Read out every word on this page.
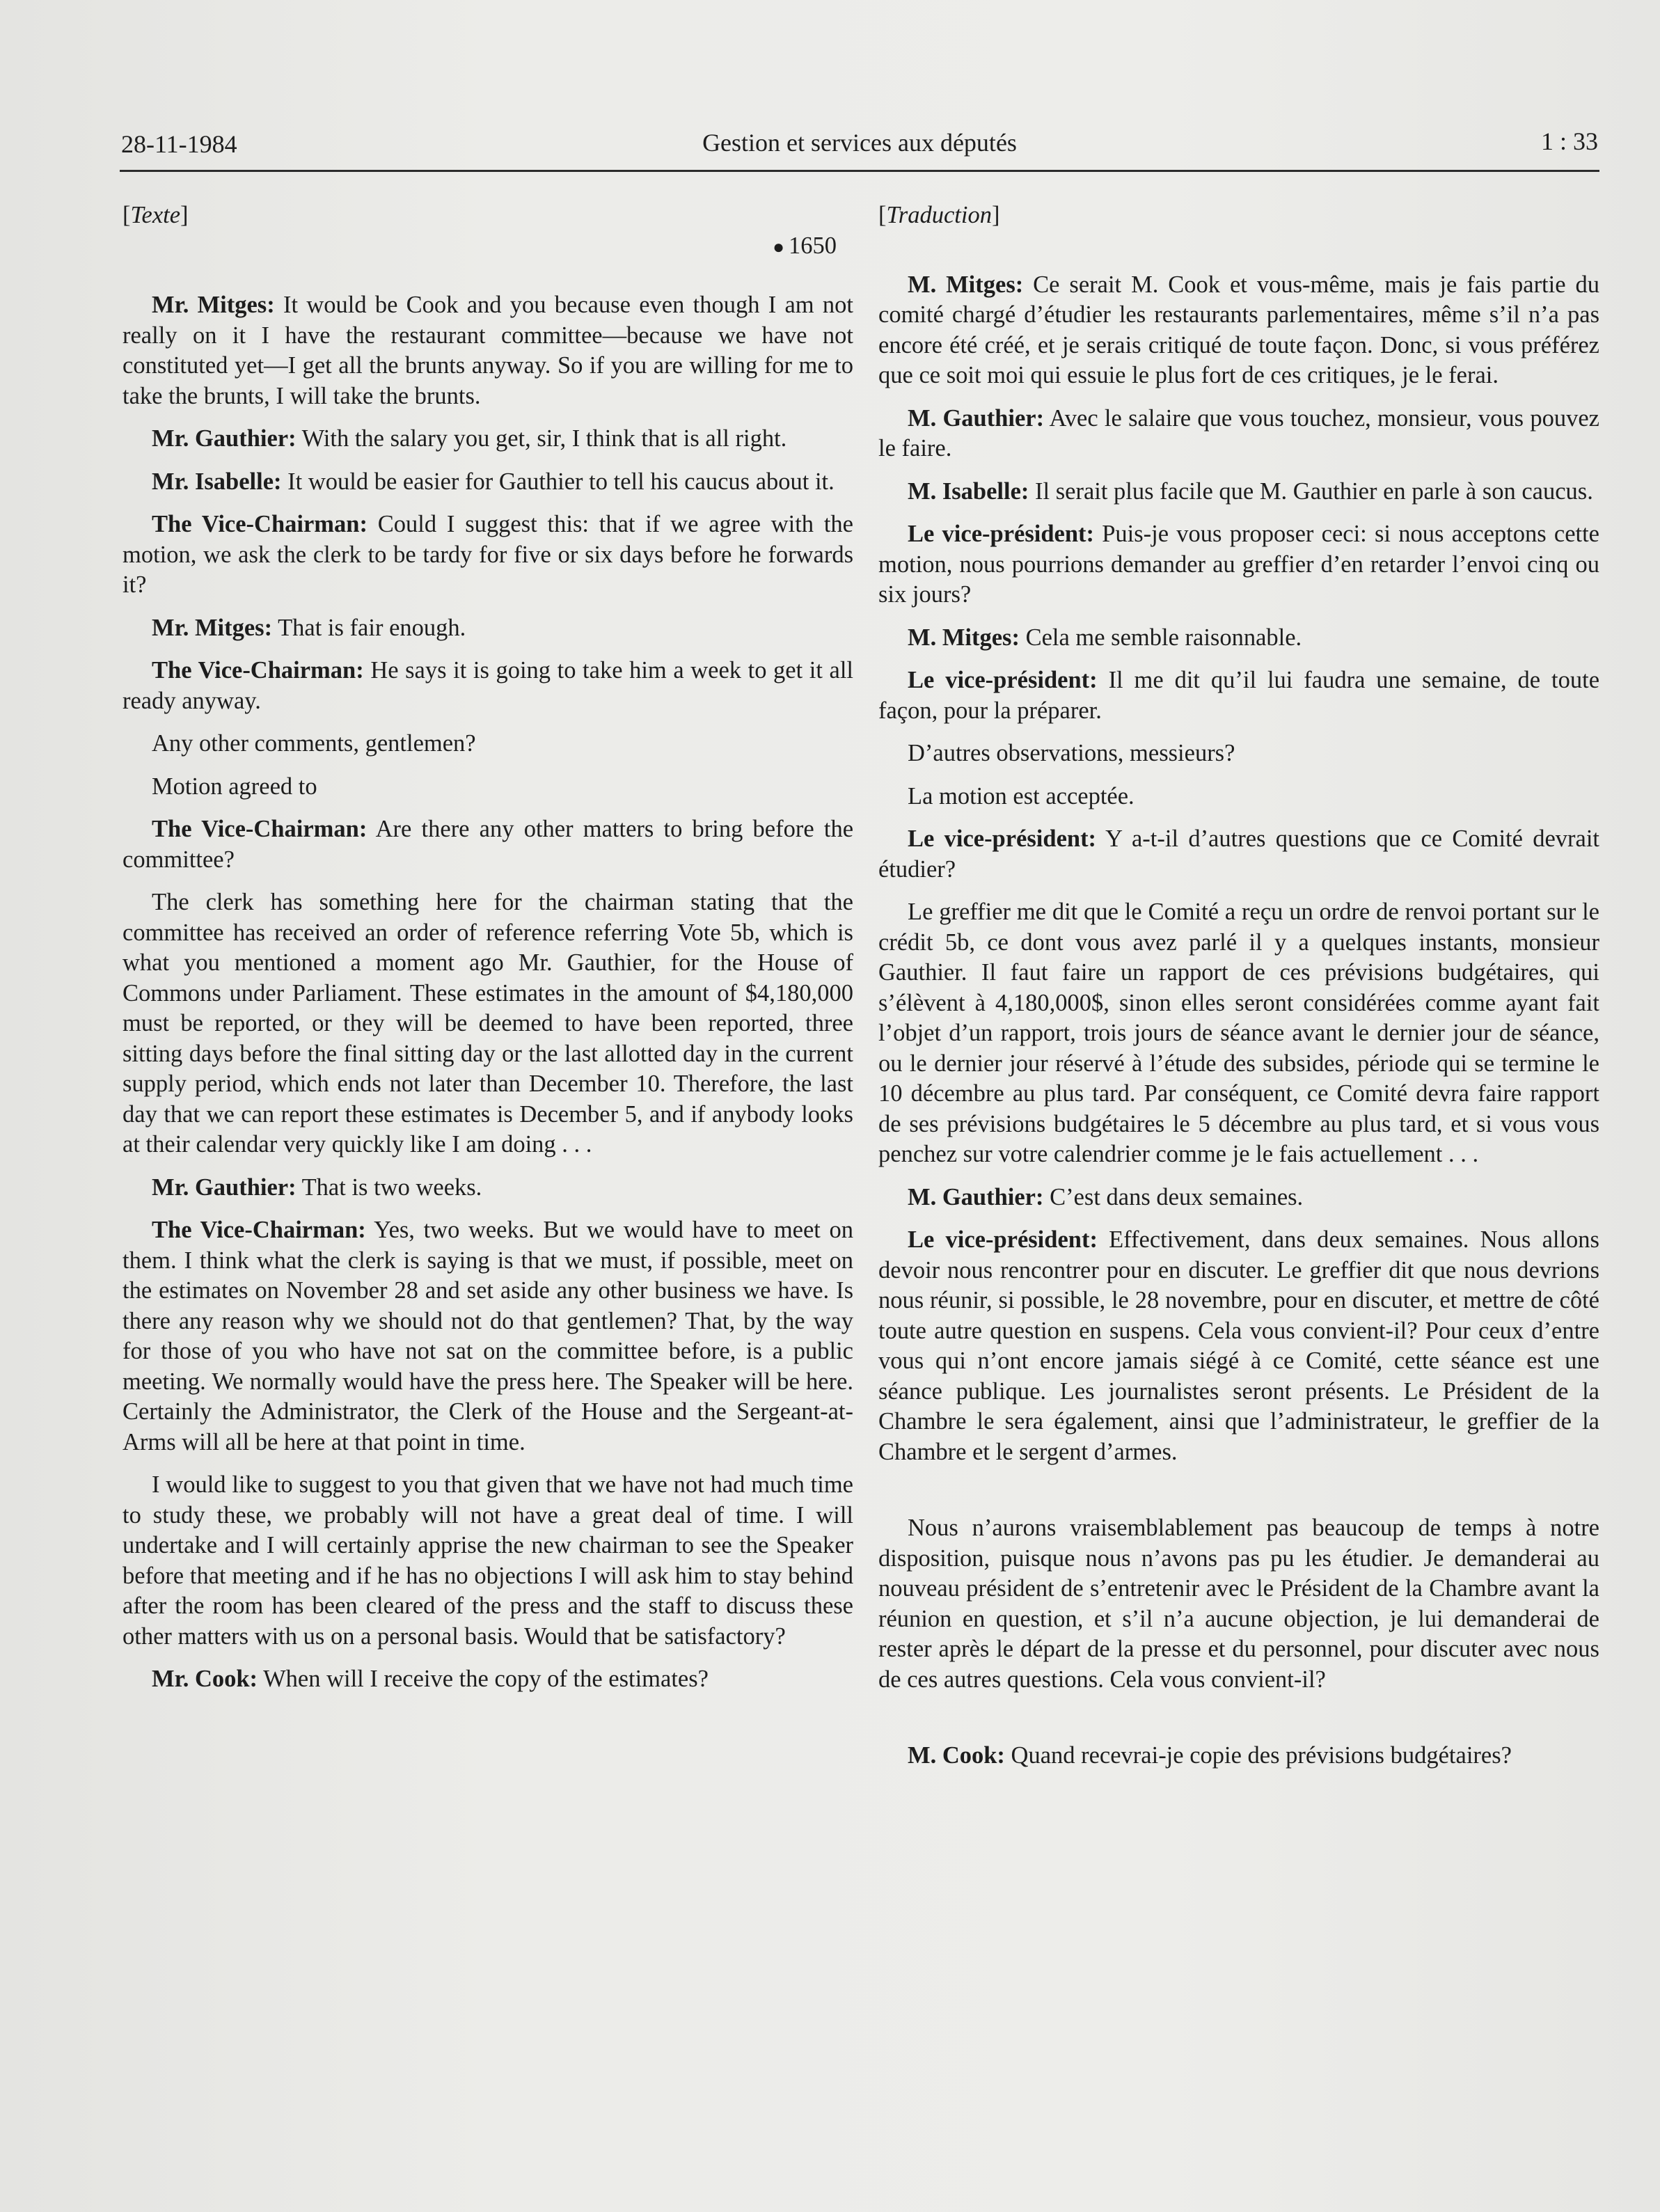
28-11-1984	Gestion et services aux députés	1 : 33

[Texte]

● 1650

Mr. Mitges: It would be Cook and you because even though I am not really on it I have the restaurant committee—because we have not constituted yet—I get all the brunts anyway. So if you are willing for me to take the brunts, I will take the brunts.

Mr. Gauthier: With the salary you get, sir, I think that is all right.

Mr. Isabelle: It would be easier for Gauthier to tell his caucus about it.

The Vice-Chairman: Could I suggest this: that if we agree with the motion, we ask the clerk to be tardy for five or six days before he forwards it?

Mr. Mitges: That is fair enough.

The Vice-Chairman: He says it is going to take him a week to get it all ready anyway.

Any other comments, gentlemen?

Motion agreed to

The Vice-Chairman: Are there any other matters to bring before the committee?

The clerk has something here for the chairman stating that the committee has received an order of reference referring Vote 5b, which is what you mentioned a moment ago Mr. Gauthier, for the House of Commons under Parliament. These estimates in the amount of $4,180,000 must be reported, or they will be deemed to have been reported, three sitting days before the final sitting day or the last allotted day in the current supply period, which ends not later than December 10. Therefore, the last day that we can report these estimates is December 5, and if anybody looks at their calendar very quickly like I am doing . . .

Mr. Gauthier: That is two weeks.

The Vice-Chairman: Yes, two weeks. But we would have to meet on them. I think what the clerk is saying is that we must, if possible, meet on the estimates on November 28 and set aside any other business we have. Is there any reason why we should not do that gentlemen? That, by the way for those of you who have not sat on the committee before, is a public meeting. We normally would have the press here. The Speaker will be here. Certainly the Administrator, the Clerk of the House and the Sergeant-at-Arms will all be here at that point in time.

I would like to suggest to you that given that we have not had much time to study these, we probably will not have a great deal of time. I will undertake and I will certainly apprise the new chairman to see the Speaker before that meeting and if he has no objections I will ask him to stay behind after the room has been cleared of the press and the staff to discuss these other matters with us on a personal basis. Would that be satisfactory?

Mr. Cook: When will I receive the copy of the estimates?

[Traduction]

M. Mitges: Ce serait M. Cook et vous-même, mais je fais partie du comité chargé d’étudier les restaurants parlementaires, même s’il n’a pas encore été créé, et je serais critiqué de toute façon. Donc, si vous préférez que ce soit moi qui essuie le plus fort de ces critiques, je le ferai.

M. Gauthier: Avec le salaire que vous touchez, monsieur, vous pouvez le faire.

M. Isabelle: Il serait plus facile que M. Gauthier en parle à son caucus.

Le vice-président: Puis-je vous proposer ceci: si nous acceptons cette motion, nous pourrions demander au greffier d’en retarder l’envoi cinq ou six jours?

M. Mitges: Cela me semble raisonnable.

Le vice-président: Il me dit qu’il lui faudra une semaine, de toute façon, pour la préparer.

D’autres observations, messieurs?

La motion est acceptée.

Le vice-président: Y a-t-il d’autres questions que ce Comité devrait étudier?

Le greffier me dit que le Comité a reçu un ordre de renvoi portant sur le crédit 5b, ce dont vous avez parlé il y a quelques instants, monsieur Gauthier. Il faut faire un rapport de ces prévisions budgétaires, qui s’élèvent à 4,180,000$, sinon elles seront considérées comme ayant fait l’objet d’un rapport, trois jours de séance avant le dernier jour de séance, ou le dernier jour réservé à l’étude des subsides, période qui se termine le 10 décembre au plus tard. Par conséquent, ce Comité devra faire rapport de ses prévisions budgétaires le 5 décembre au plus tard, et si vous vous penchez sur votre calendrier comme je le fais actuellement . . .

M. Gauthier: C’est dans deux semaines.

Le vice-président: Effectivement, dans deux semaines. Nous allons devoir nous rencontrer pour en discuter. Le greffier dit que nous devrions nous réunir, si possible, le 28 novembre, pour en discuter, et mettre de côté toute autre question en suspens. Cela vous convient-il? Pour ceux d’entre vous qui n’ont encore jamais siégé à ce Comité, cette séance est une séance publique. Les journalistes seront présents. Le Président de la Chambre le sera également, ainsi que l’administrateur, le greffier de la Chambre et le sergent d’armes.

Nous n’aurons vraisemblablement pas beaucoup de temps à notre disposition, puisque nous n’avons pas pu les étudier. Je demanderai au nouveau président de s’entretenir avec le Président de la Chambre avant la réunion en question, et s’il n’a aucune objection, je lui demanderai de rester après le départ de la presse et du personnel, pour discuter avec nous de ces autres questions. Cela vous convient-il?

M. Cook: Quand recevrai-je copie des prévisions budgétaires?
